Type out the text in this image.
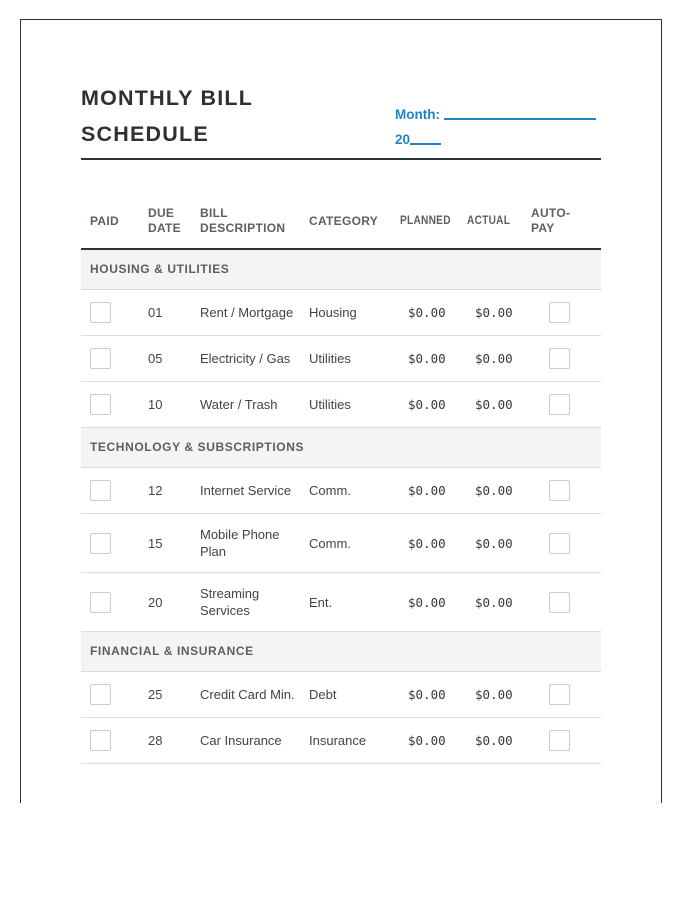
MONTHLY BILL SCHEDULE
Month:
20
PAID	DUE DATE	BILL DESCRIPTION	CATEGORY	PLANNED	ACTUAL	AUTO-PAY
HOUSING & UTILITIES						
	01	Rent / Mortgage	Housing	$0.00	$0.00	
	05	Electricity / Gas	Utilities	$0.00	$0.00	
	10	Water / Trash	Utilities	$0.00	$0.00	
TECHNOLOGY & SUBSCRIPTIONS						
	12	Internet Service	Comm.	$0.00	$0.00	
	15	Mobile Phone Plan	Comm.	$0.00	$0.00	
	20	Streaming Services	Ent.	$0.00	$0.00	
FINANCIAL & INSURANCE						
	25	Credit Card Min.	Debt	$0.00	$0.00	
	28	Car Insurance	Insurance	$0.00	$0.00	
